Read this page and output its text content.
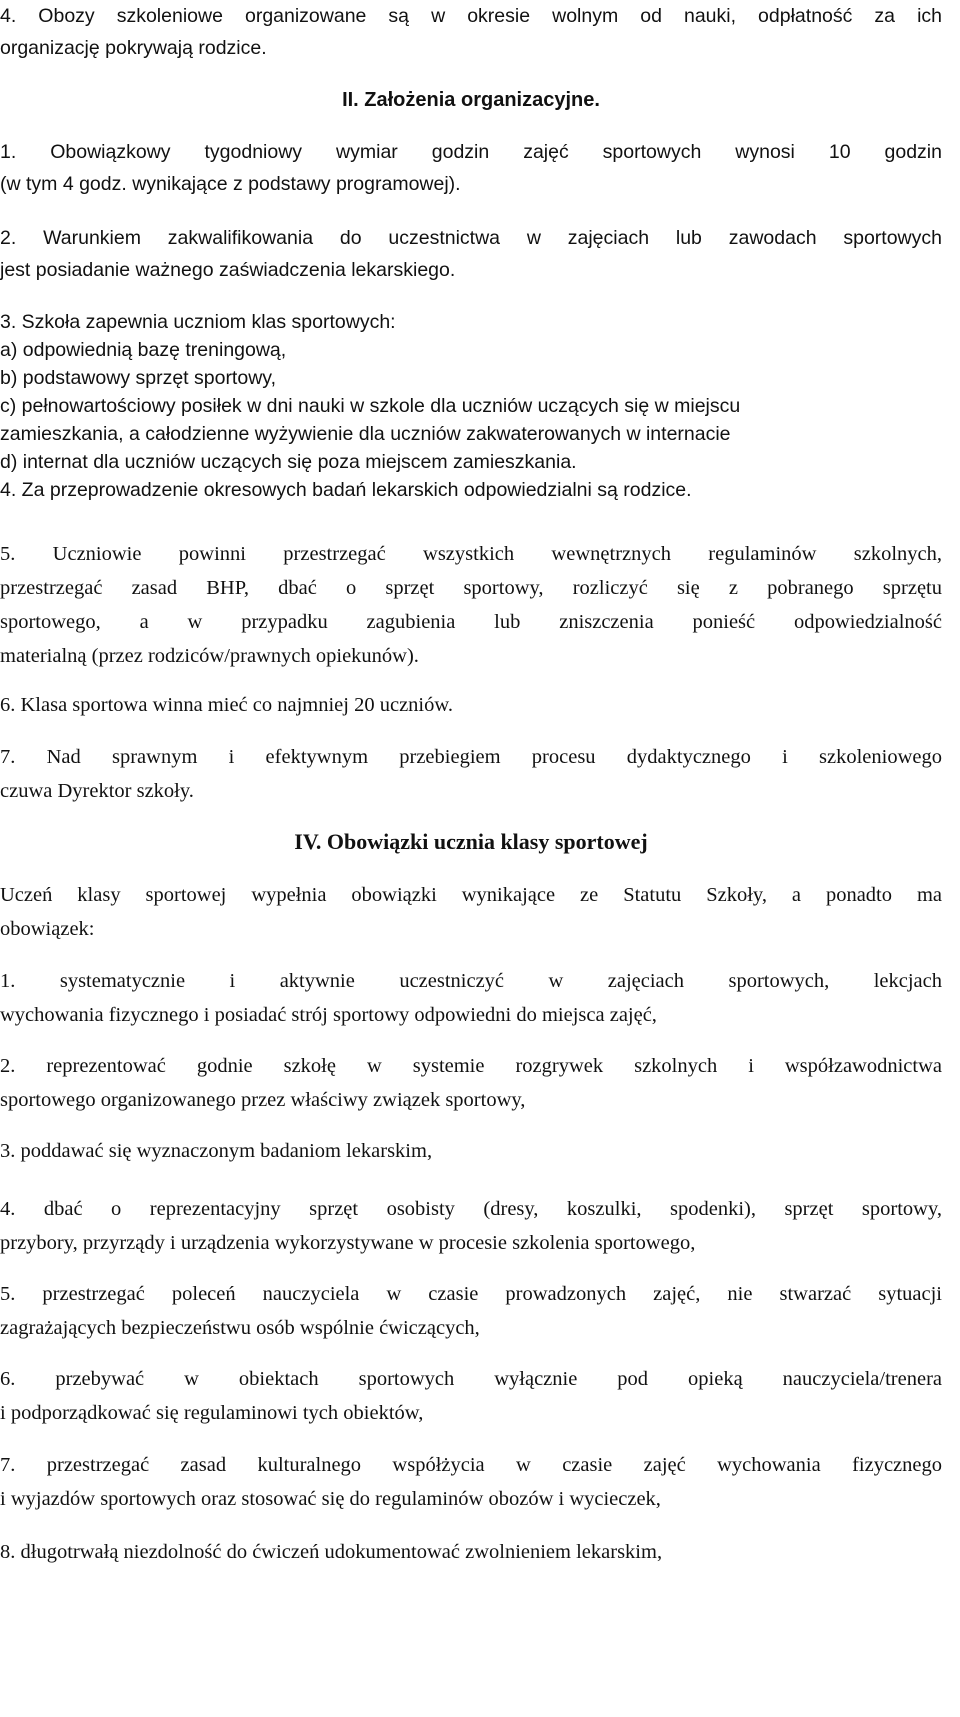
4. Obozy szkoleniowe organizowane są w okresie wolnym od nauki, odpłatność za ich

organizację pokrywają rodzice.

II. Założenia organizacyjne.

1. Obowiązkowy tygodniowy wymiar godzin zajęć sportowych wynosi 10 godzin

(w tym 4 godz. wynikające z podstawy programowej).

2. Warunkiem zakwalifikowania do uczestnictwa w zajęciach lub zawodach sportowych

jest posiadanie ważnego zaświadczenia lekarskiego.

3. Szkoła zapewnia uczniom klas sportowych:

a) odpowiednią bazę treningową,

b) podstawowy sprzęt sportowy,

c) pełnowartościowy posiłek w dni nauki w szkole dla uczniów uczących się w miejscu

zamieszkania, a całodzienne wyżywienie dla uczniów zakwaterowanych w internacie

d) internat dla uczniów uczących się poza miejscem zamieszkania.

4. Za przeprowadzenie okresowych badań lekarskich odpowiedzialni są rodzice.

5. Uczniowie powinni przestrzegać wszystkich wewnętrznych regulaminów szkolnych,

przestrzegać zasad BHP, dbać o sprzęt sportowy, rozliczyć się z pobranego sprzętu

sportowego, a w przypadku zagubienia lub zniszczenia ponieść odpowiedzialność

materialną (przez rodziców/prawnych opiekunów).

6. Klasa sportowa winna mieć co najmniej 20 uczniów.

7. Nad sprawnym i efektywnym przebiegiem procesu dydaktycznego i szkoleniowego

czuwa Dyrektor szkoły.

IV. Obowiązki ucznia klasy sportowej

Uczeń klasy sportowej wypełnia obowiązki wynikające ze Statutu Szkoły, a ponadto ma

obowiązek:

1. systematycznie i aktywnie uczestniczyć w zajęciach sportowych, lekcjach

wychowania fizycznego i posiadać strój sportowy odpowiedni do miejsca zajęć,

2. reprezentować godnie szkołę w systemie rozgrywek szkolnych i współzawodnictwa

sportowego organizowanego przez właściwy związek sportowy,

3. poddawać się wyznaczonym badaniom lekarskim,

4. dbać o reprezentacyjny sprzęt osobisty (dresy, koszulki, spodenki), sprzęt sportowy,

przybory, przyrządy i urządzenia wykorzystywane w procesie szkolenia sportowego,

5. przestrzegać poleceń nauczyciela w czasie prowadzonych zajęć, nie stwarzać sytuacji

zagrażających bezpieczeństwu osób wspólnie ćwiczących,

6. przebywać w obiektach sportowych wyłącznie pod opieką nauczyciela/trenera

i podporządkować się regulaminowi tych obiektów,

7. przestrzegać zasad kulturalnego współżycia w czasie zajęć wychowania fizycznego

i wyjazdów sportowych oraz stosować się do regulaminów obozów i wycieczek,

8. długotrwałą niezdolność do ćwiczeń udokumentować zwolnieniem lekarskim,
